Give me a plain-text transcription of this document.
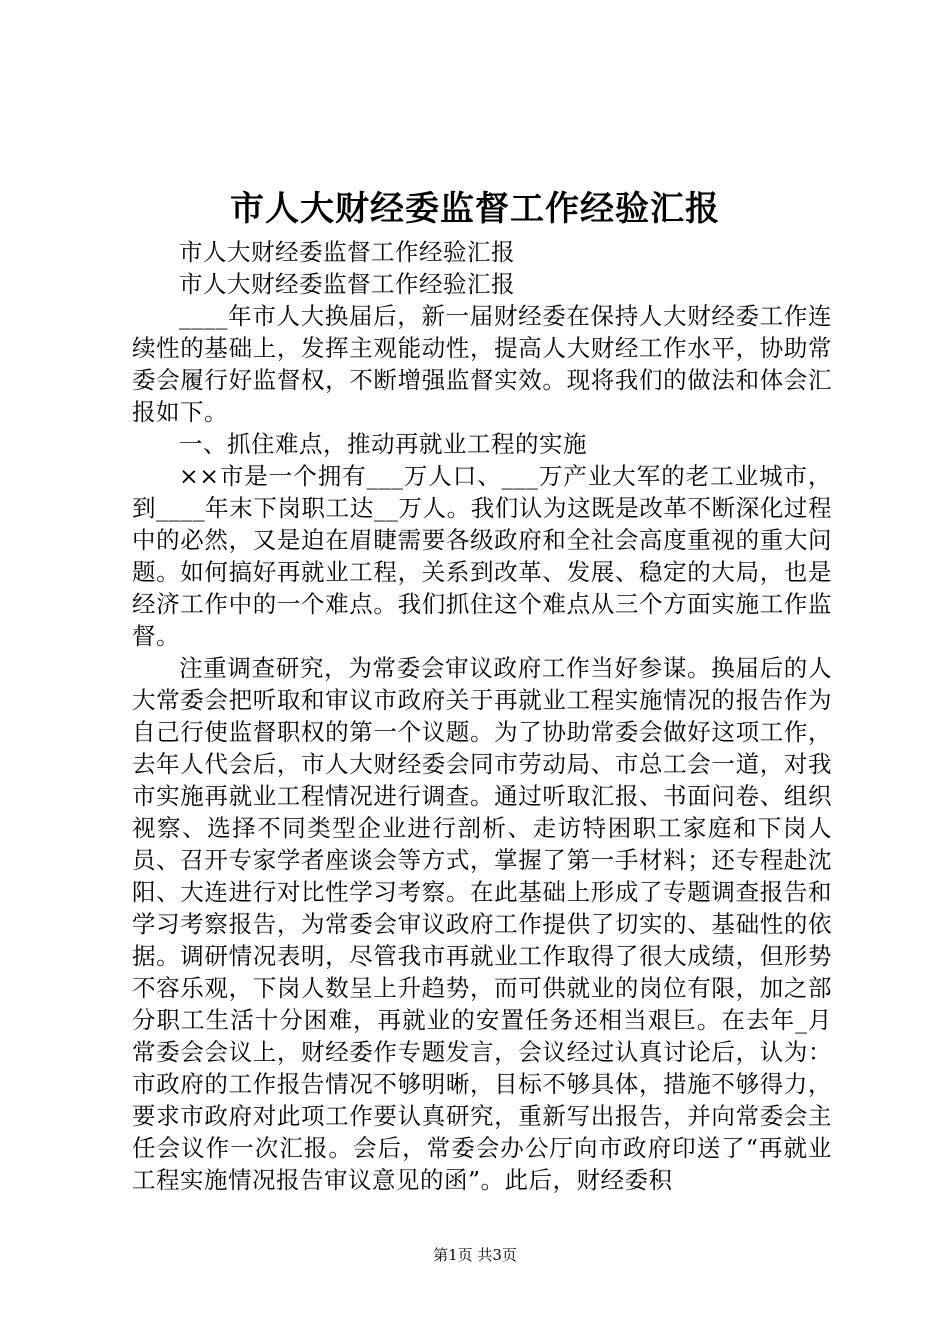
市人大财经委监督工作经验汇报

市人大财经委监督工作经验汇报

市人大财经委监督工作经验汇报

____年市人大换届后，新一届财经委在保持人大财经委工作连续性的基础上，发挥主观能动性，提高人大财经工作水平，协助常委会履行好监督权，不断增强监督实效。现将我们的做法和体会汇报如下。

一、抓住难点，推动再就业工程的实施

××市是一个拥有___万人口、___万产业大军的老工业城市，到____年末下岗职工达__万人。我们认为这既是改革不断深化过程中的必然，又是迫在眉睫需要各级政府和全社会高度重视的重大问题。如何搞好再就业工程，关系到改革、发展、稳定的大局，也是经济工作中的一个难点。我们抓住这个难点从三个方面实施工作监督。

注重调查研究，为常委会审议政府工作当好参谋。换届后的人大常委会把听取和审议市政府关于再就业工程实施情况的报告作为自己行使监督职权的第一个议题。为了协助常委会做好这项工作，去年人代会后，市人大财经委会同市劳动局、市总工会一道，对我市实施再就业工程情况进行调查。通过听取汇报、书面问卷、组织视察、选择不同类型企业进行剖析、走访特困职工家庭和下岗人员、召开专家学者座谈会等方式，掌握了第一手材料；还专程赴沈阳、大连进行对比性学习考察。在此基础上形成了专题调查报告和学习考察报告，为常委会审议政府工作提供了切实的、基础性的依据。调研情况表明，尽管我市再就业工作取得了很大成绩，但形势不容乐观，下岗人数呈上升趋势，而可供就业的岗位有限，加之部分职工生活十分困难，再就业的安置任务还相当艰巨。在去年_月常委会会议上，财经委作专题发言，会议经过认真讨论后，认为：市政府的工作报告情况不够明晰，目标不够具体，措施不够得力，要求市政府对此项工作要认真研究，重新写出报告，并向常委会主任会议作一次汇报。会后，常委会办公厅向市政府印送了“再就业工程实施情况报告审议意见的函”。此后，财经委积

第1页 共3页
